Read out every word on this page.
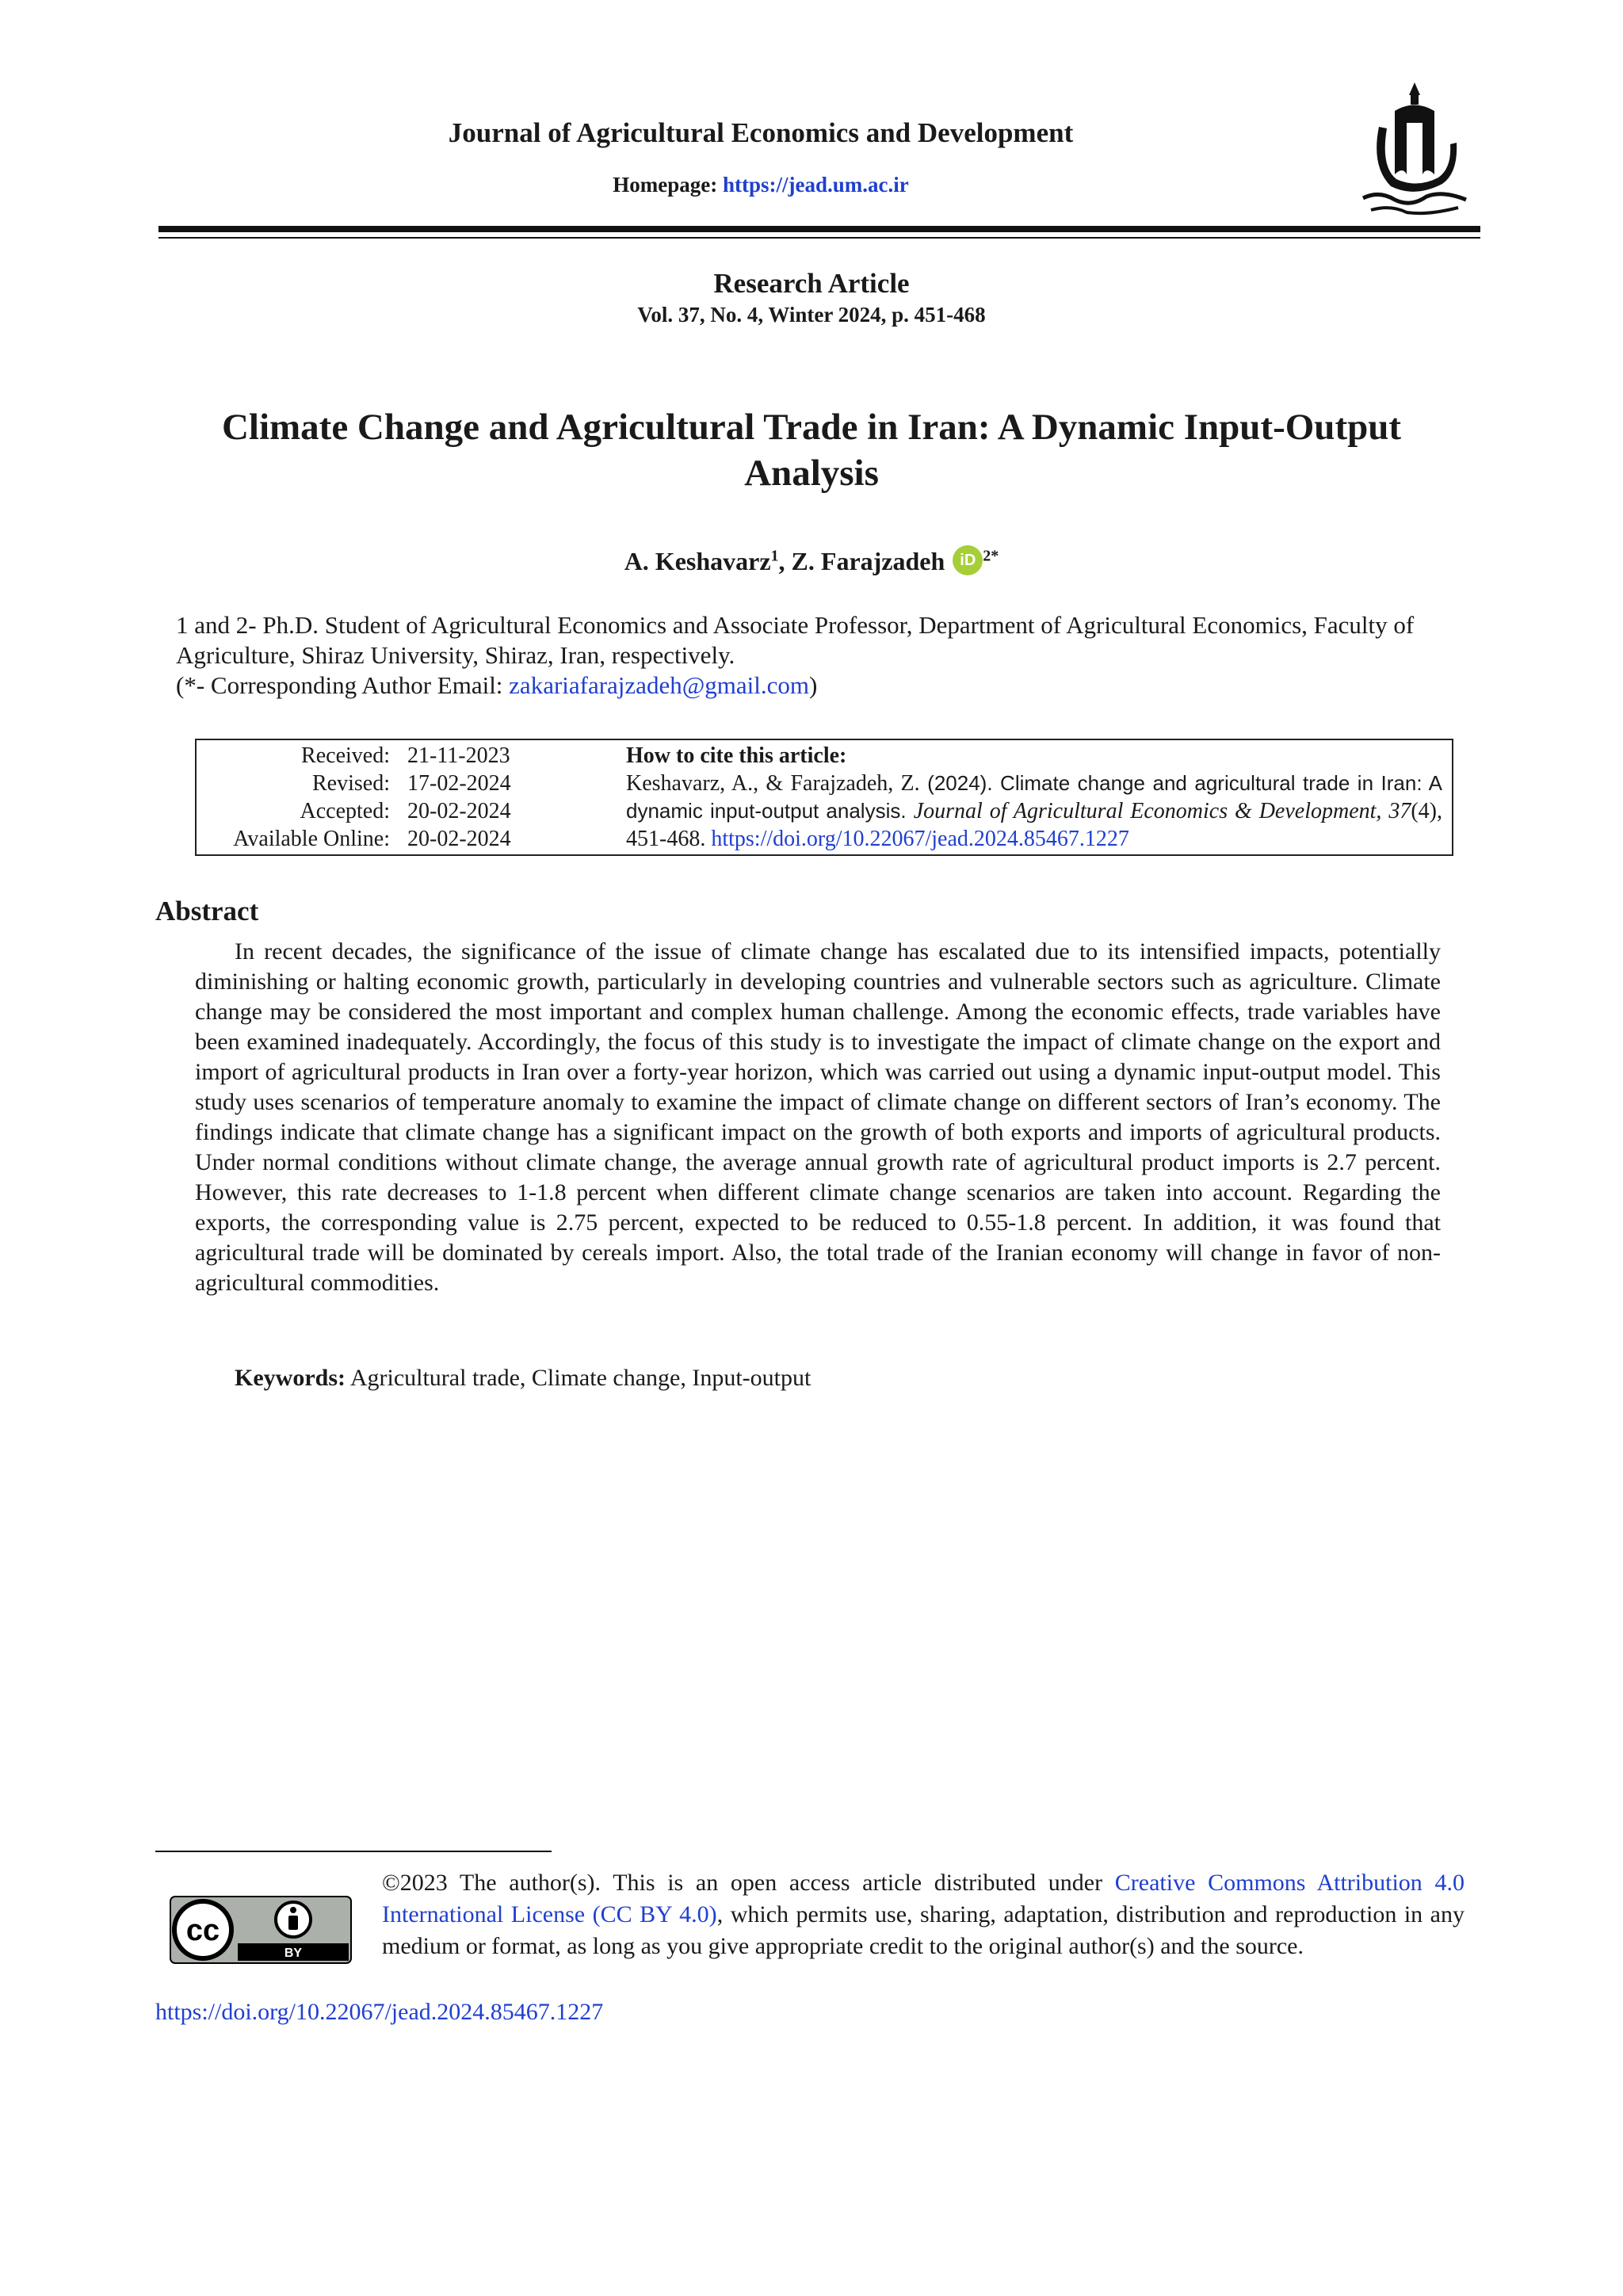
Journal of Agricultural Economics and Development
Homepage: https://jead.um.ac.ir
Research Article
Vol. 37, No. 4, Winter 2024, p. 451-468
Climate Change and Agricultural Trade in Iran: A Dynamic Input-Output Analysis
A. Keshavarz$^1$, Z. Farajzadeh iD $^{2*}$
1 and 2- Ph.D. Student of Agricultural Economics and Associate Professor, Department of Agricultural Economics, Faculty of Agriculture, Shiraz University, Shiraz, Iran, respectively.
(*- Corresponding Author Email: zakariafarajzadeh@gmail.com)
Received: 21-11-2023
Revised: 17-02-2024
Accepted: 20-02-2024
Available Online: 20-02-2024
How to cite this article:
Keshavarz, A., & Farajzadeh, Z. (2024). Climate change and agricultural trade in Iran: A dynamic input-output analysis. Journal of Agricultural Economics & Development, 37(4), 451-468. https://doi.org/10.22067/jead.2024.85467.1227
Abstract
In recent decades, the significance of the issue of climate change has escalated due to its intensified impacts, potentially diminishing or halting economic growth, particularly in developing countries and vulnerable sectors such as agriculture. Climate change may be considered the most important and complex human challenge. Among the economic effects, trade variables have been examined inadequately. Accordingly, the focus of this study is to investigate the impact of climate change on the export and import of agricultural products in Iran over a forty-year horizon, which was carried out using a dynamic input-output model. This study uses scenarios of temperature anomaly to examine the impact of climate change on different sectors of Iran’s economy. The findings indicate that climate change has a significant impact on the growth of both exports and imports of agricultural products. Under normal conditions without climate change, the average annual growth rate of agricultural product imports is 2.7 percent. However, this rate decreases to 1-1.8 percent when different climate change scenarios are taken into account. Regarding the exports, the corresponding value is 2.75 percent, expected to be reduced to 0.55-1.8 percent. In addition, it was found that agricultural trade will be dominated by cereals import. Also, the total trade of the Iranian economy will change in favor of non-agricultural commodities.
Keywords: Agricultural trade, Climate change, Input-output
BY
cc
©2023 The author(s). This is an open access article distributed under Creative Commons Attribution 4.0 International License (CC BY 4.0), which permits use, sharing, adaptation, distribution and reproduction in any medium or format, as long as you give appropriate credit to the original author(s) and the source.
https://doi.org/10.22067/jead.2024.85467.1227
